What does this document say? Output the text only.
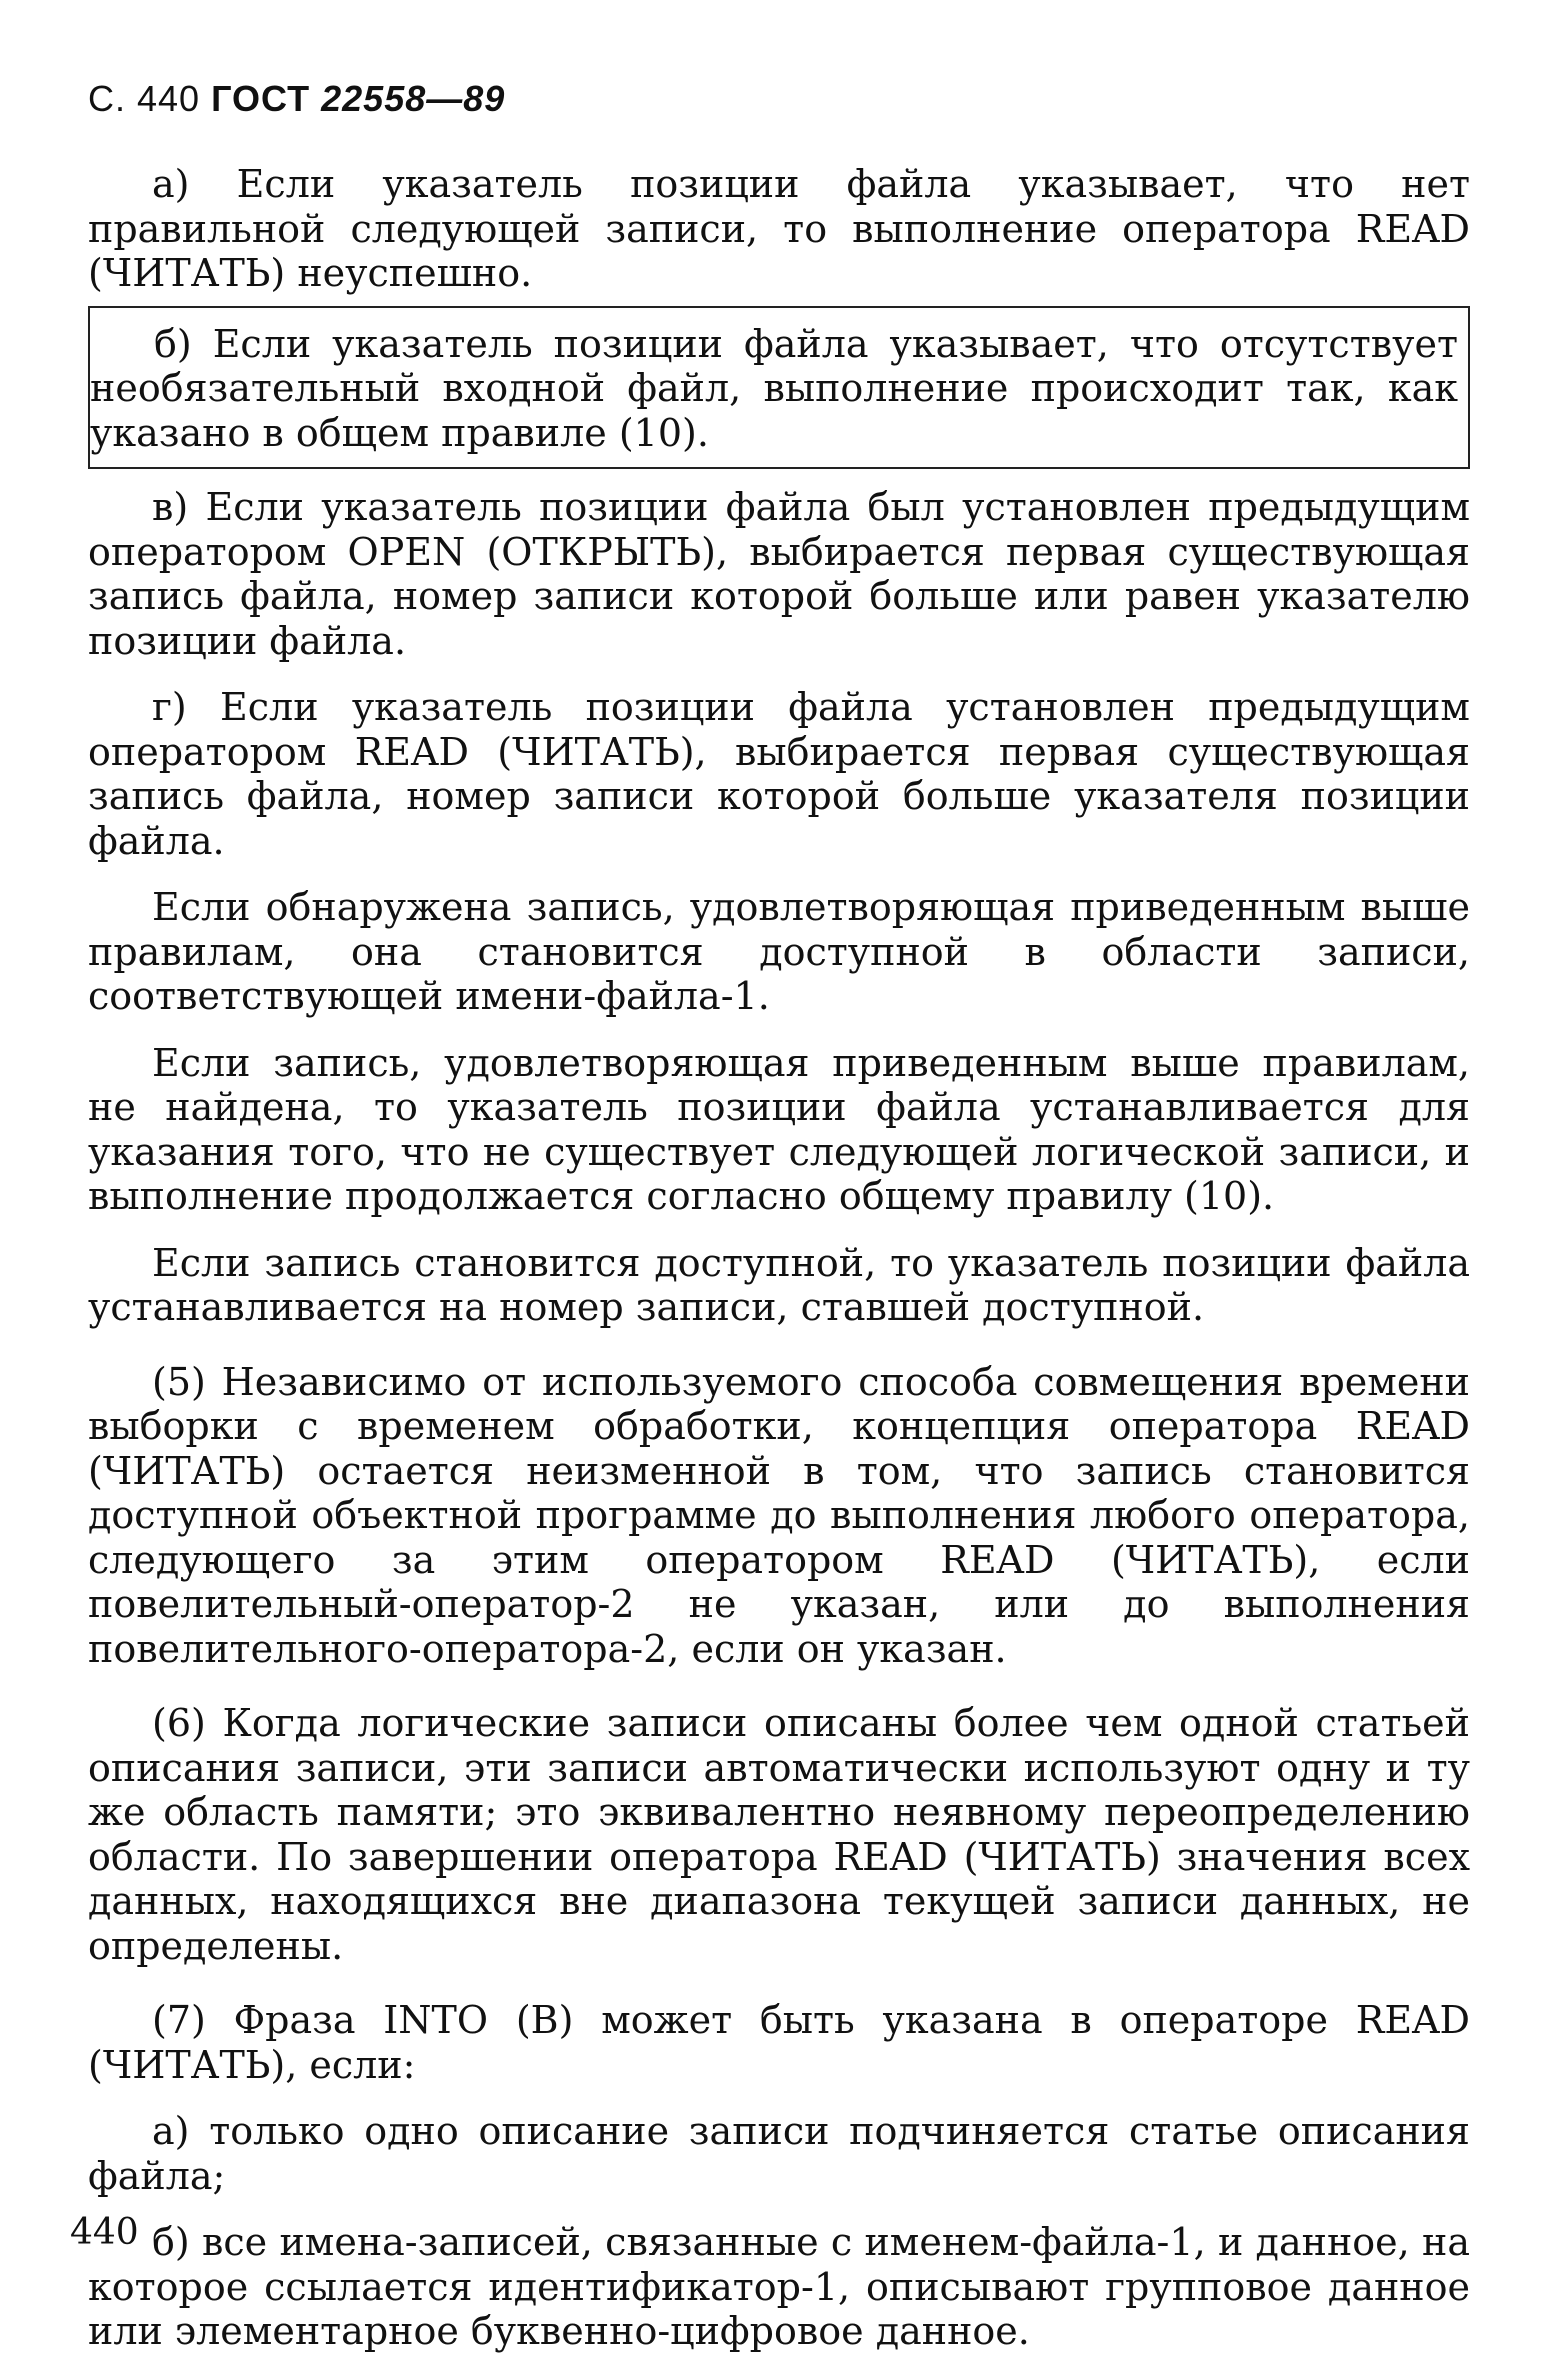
С. 440 ГОСТ 22558—89

а) Если указатель позиции файла указывает, что нет правильной следующей записи, то выполнение оператора READ (ЧИТАТЬ) неуспешно.

б) Если указатель позиции файла указывает, что отсутствует необязательный входной файл, выполнение происходит так, как указано в общем правиле (10).

в) Если указатель позиции файла был установлен предыдущим оператором OPEN (ОТКРЫТЬ), выбирается первая существующая запись файла, номер записи которой больше или равен указателю позиции файла.

г) Если указатель позиции файла установлен предыдущим оператором READ (ЧИТАТЬ), выбирается первая существующая запись файла, номер записи которой больше указателя позиции файла.

Если обнаружена запись, удовлетворяющая приведенным выше правилам, она становится доступной в области записи, соответствующей имени-файла-1.

Если запись, удовлетворяющая приведенным выше правилам, не найдена, то указатель позиции файла устанавливается для указания того, что не существует следующей логической записи, и выполнение продолжается согласно общему правилу (10).

Если запись становится доступной, то указатель позиции файла устанавливается на номер записи, ставшей доступной.

(5) Независимо от используемого способа совмещения времени выборки с временем обработки, концепция оператора READ (ЧИТАТЬ) остается неизменной в том, что запись становится доступной объектной программе до выполнения любого оператора, следующего за этим оператором READ (ЧИТАТЬ), если повелительный-оператор-2 не указан, или до выполнения повелительного-оператора-2, если он указан.

(6) Когда логические записи описаны более чем одной статьей описания записи, эти записи автоматически используют одну и ту же область памяти; это эквивалентно неявному переопределению области. По завершении оператора READ (ЧИТАТЬ) значения всех данных, находящихся вне диапазона текущей записи данных, не определены.

(7) Фраза INTO (В) может быть указана в операторе READ (ЧИТАТЬ), если:

а) только одно описание записи подчиняется статье описания файла;

б) все имена-записей, связанные с именем-файла-1, и данное, на которое ссылается идентификатор-1, описывают групповое данное или элементарное буквенно-цифровое данное.

440
